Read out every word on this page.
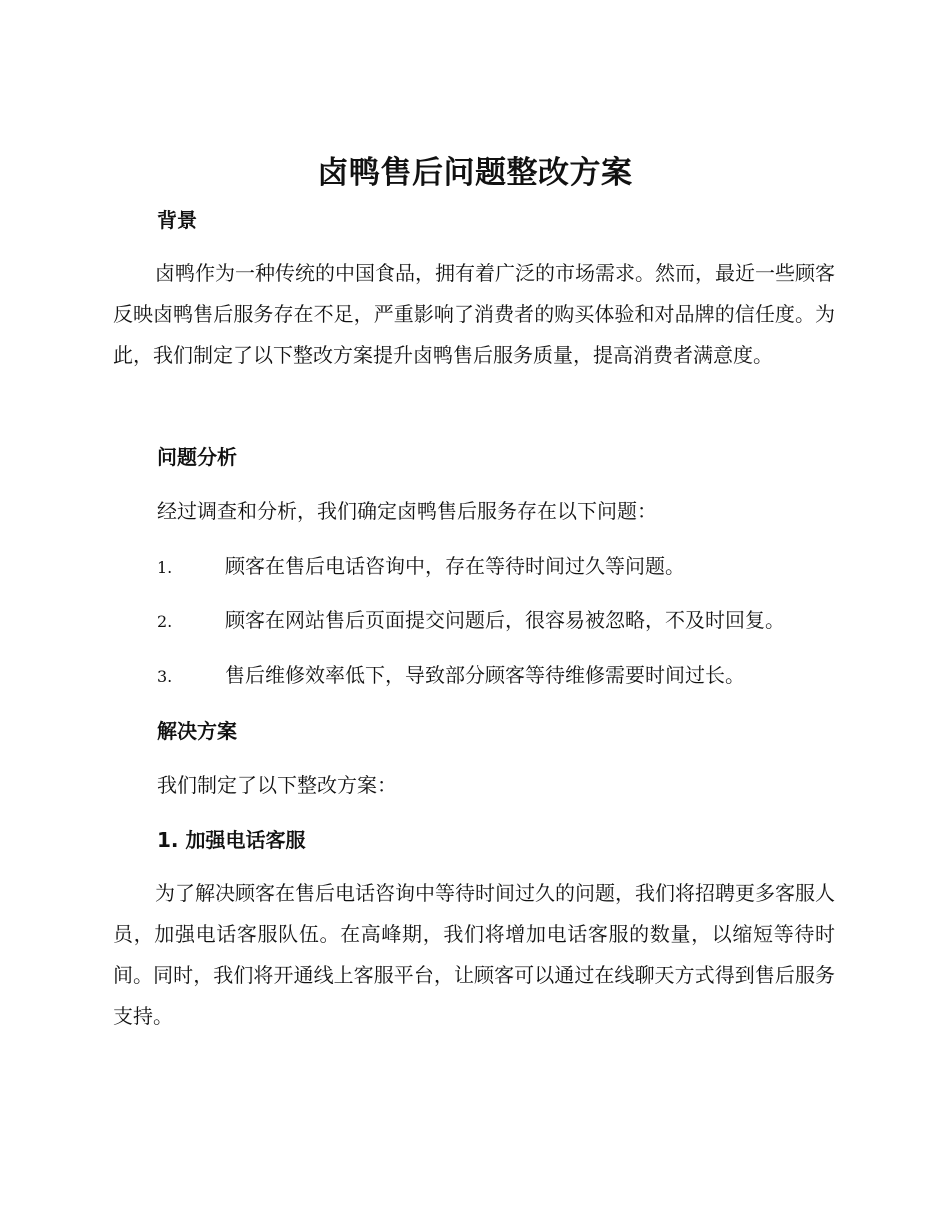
卤鸭售后问题整改方案
背景
卤鸭作为一种传统的中国食品，拥有着广泛的市场需求。然而，最近一些顾客反映卤鸭售后服务存在不足，严重影响了消费者的购买体验和对品牌的信任度。为此，我们制定了以下整改方案提升卤鸭售后服务质量，提高消费者满意度。
问题分析
经过调查和分析，我们确定卤鸭售后服务存在以下问题：
1.	顾客在售后电话咨询中，存在等待时间过久等问题。
2.	顾客在网站售后页面提交问题后，很容易被忽略，不及时回复。
3.	售后维修效率低下，导致部分顾客等待维修需要时间过长。
解决方案
我们制定了以下整改方案：
1. 加强电话客服
为了解决顾客在售后电话咨询中等待时间过久的问题，我们将招聘更多客服人员，加强电话客服队伍。在高峰期，我们将增加电话客服的数量，以缩短等待时间。同时，我们将开通线上客服平台，让顾客可以通过在线聊天方式得到售后服务支持。
